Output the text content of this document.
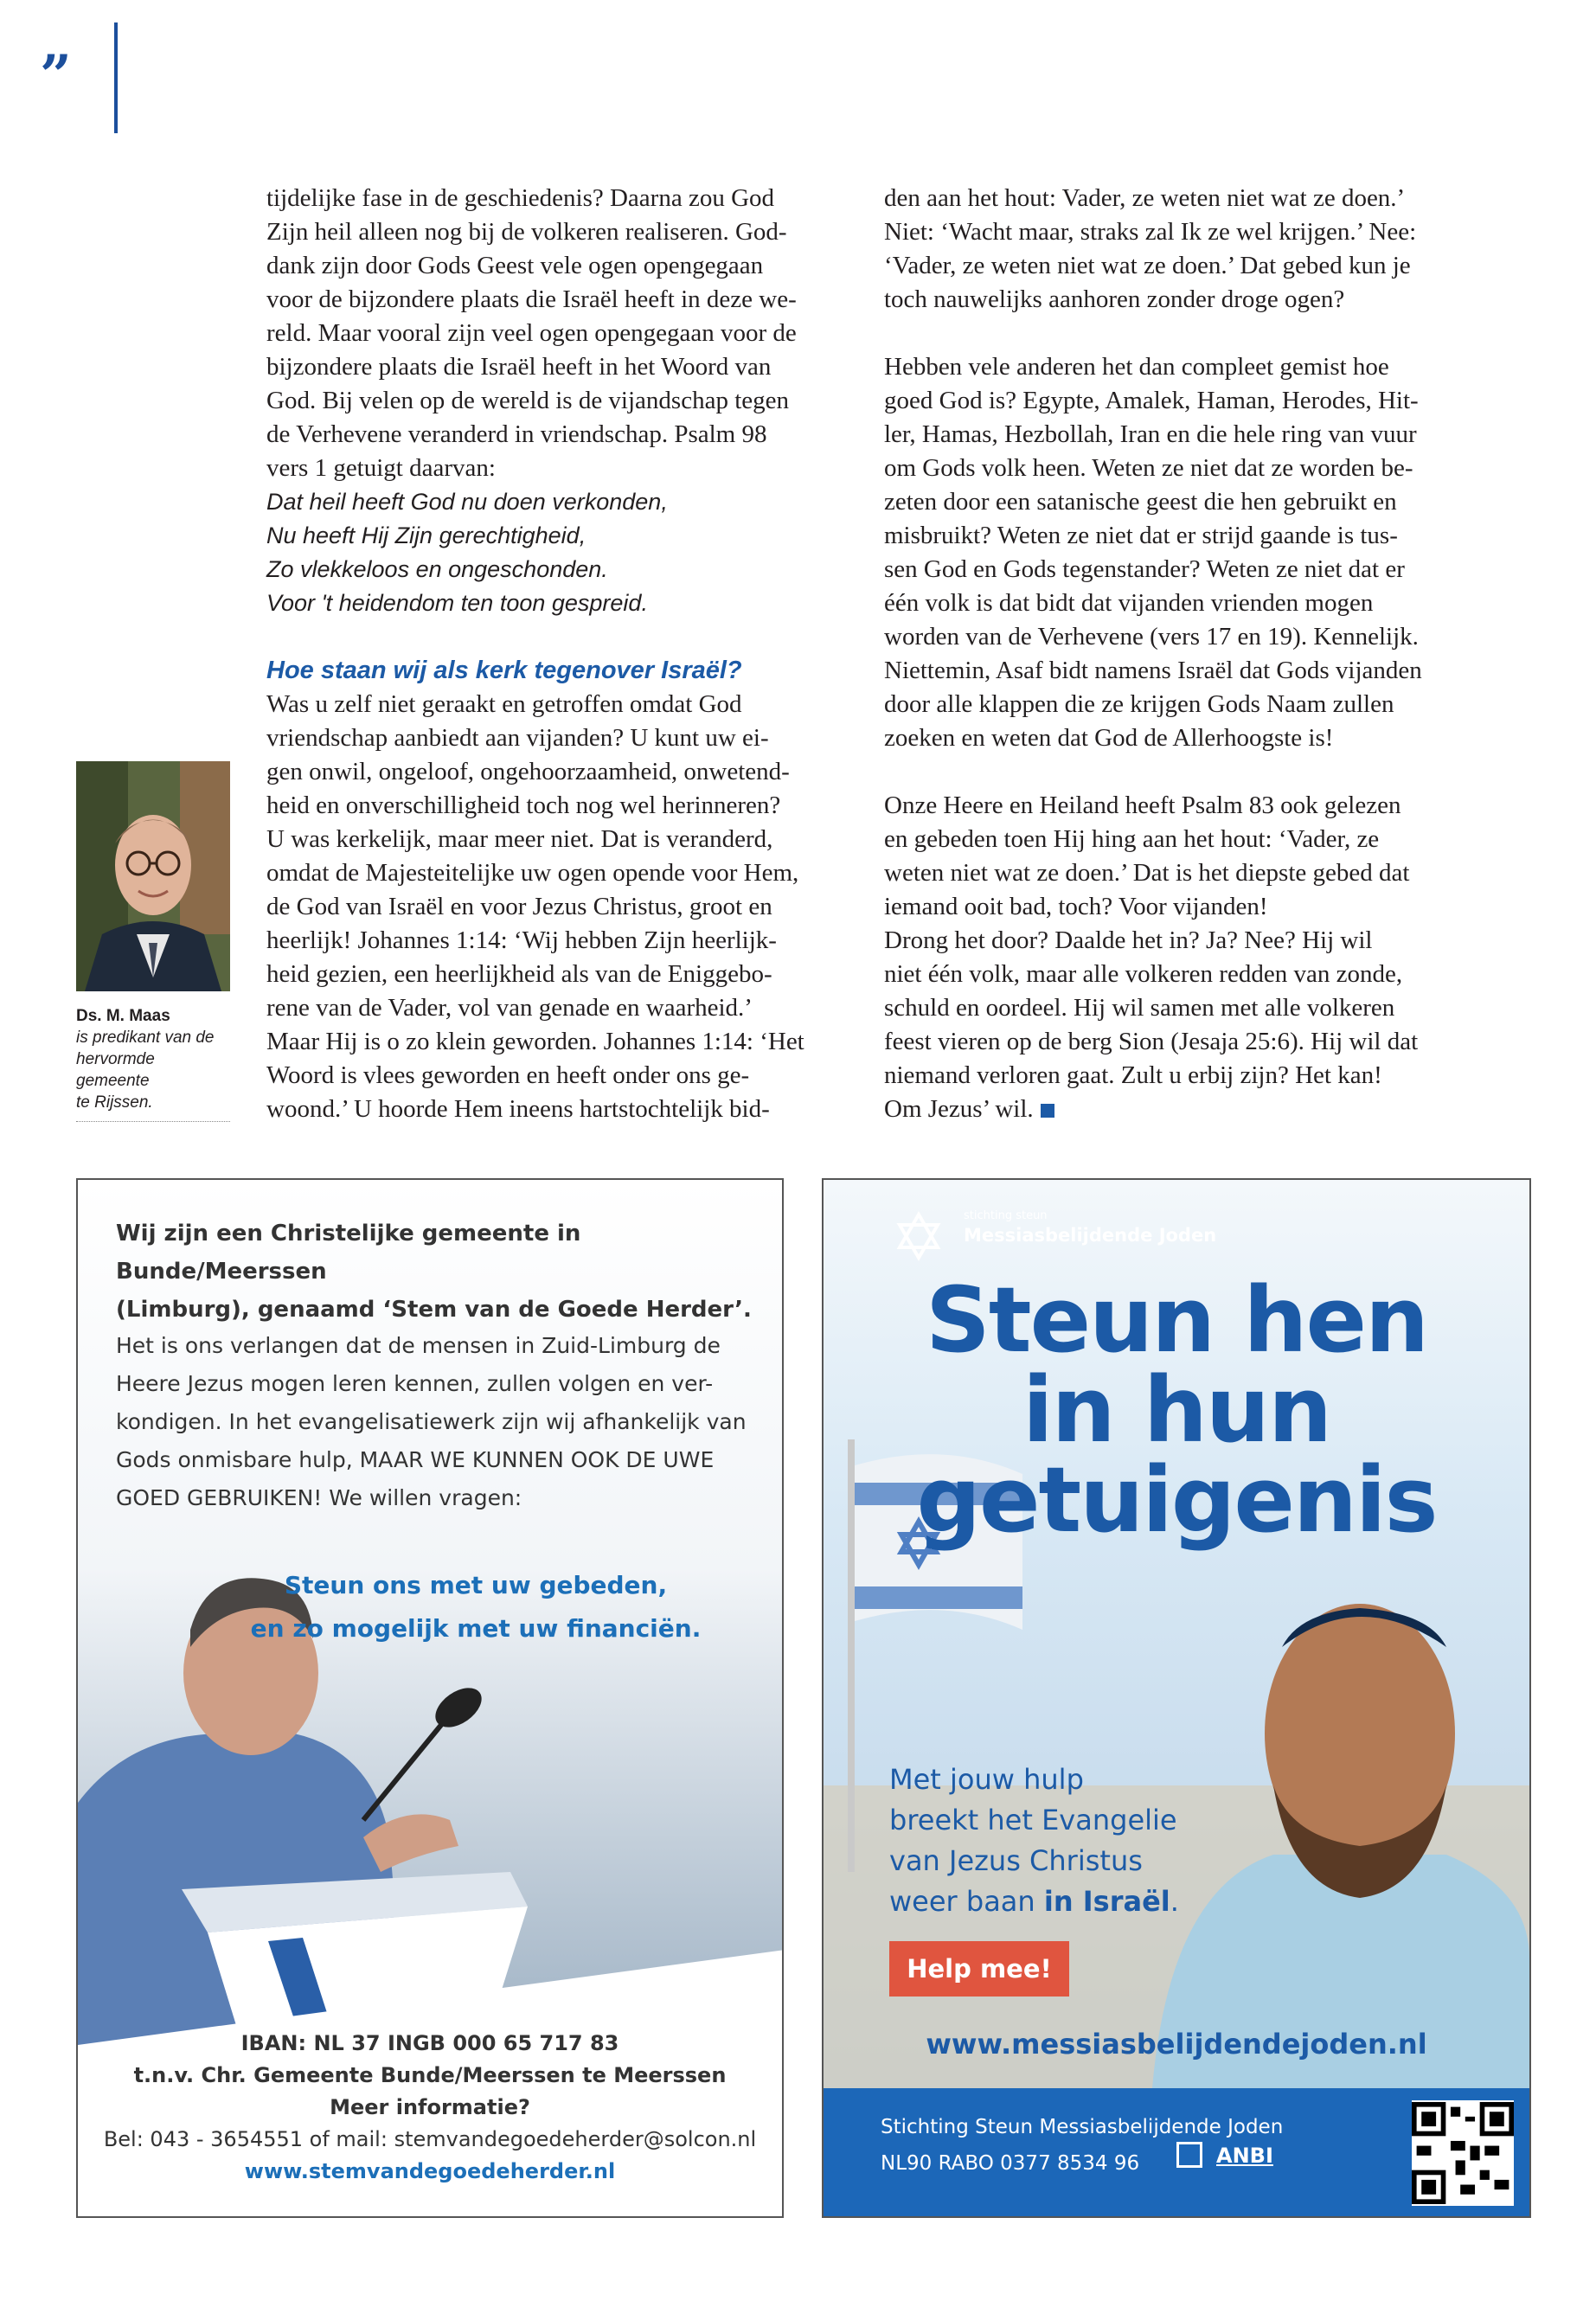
”

tijdelijke fase in de geschiedenis? Daarna zou God
Zijn heil alleen nog bij de volkeren realiseren. God-
dank zijn door Gods Geest vele ogen opengegaan
voor de bijzondere plaats die Israël heeft in deze we-
reld. Maar vooral zijn veel ogen opengegaan voor de
bijzondere plaats die Israël heeft in het Woord van
God. Bij velen op de wereld is de vijandschap tegen
de Verhevene veranderd in vriendschap. Psalm 98
vers 1 getuigt daarvan:

Dat heil heeft God nu doen verkonden,
Nu heeft Hij Zijn gerechtigheid,
Zo vlekkeloos en ongeschonden.
Voor 't heidendom ten toon gespreid.

Hoe staan wij als kerk tegenover Israël?

Was u zelf niet geraakt en getroffen omdat God
vriendschap aanbiedt aan vijanden? U kunt uw ei-
gen onwil, ongeloof, ongehoorzaamheid, onwetend-
heid en onverschilligheid toch nog wel herinneren?
U was kerkelijk, maar meer niet. Dat is veranderd,
omdat de Majesteitelijke uw ogen opende voor Hem,
de God van Israël en voor Jezus Christus, groot en
heerlijk! Johannes 1:14: ‘Wij hebben Zijn heerlijk-
heid gezien, een heerlijkheid als van de Eniggebo-
rene van de Vader, vol van genade en waarheid.’
Maar Hij is o zo klein geworden. Johannes 1:14: ‘Het
Woord is vlees geworden en heeft onder ons ge-
woond.’ U hoorde Hem ineens hartstochtelijk bid-

den aan het hout: Vader, ze weten niet wat ze doen.’
Niet: ‘Wacht maar, straks zal Ik ze wel krijgen.’ Nee:
‘Vader, ze weten niet wat ze doen.’ Dat gebed kun je
toch nauwelijks aanhoren zonder droge ogen?

Hebben vele anderen het dan compleet gemist hoe
goed God is? Egypte, Amalek, Haman, Herodes, Hit-
ler, Hamas, Hezbollah, Iran en die hele ring van vuur
om Gods volk heen. Weten ze niet dat ze worden be-
zeten door een satanische geest die hen gebruikt en
misbruikt? Weten ze niet dat er strijd gaande is tus-
sen God en Gods tegenstander? Weten ze niet dat er
één volk is dat bidt dat vijanden vrienden mogen
worden van de Verhevene (vers 17 en 19). Kennelijk.
Niettemin, Asaf bidt namens Israël dat Gods vijanden
door alle klappen die ze krijgen Gods Naam zullen
zoeken en weten dat God de Allerhoogste is!

Onze Heere en Heiland heeft Psalm 83 ook gelezen
en gebeden toen Hij hing aan het hout: ‘Vader, ze
weten niet wat ze doen.’ Dat is het diepste gebed dat
iemand ooit bad, toch? Voor vijanden!
Drong het door? Daalde het in? Ja? Nee? Hij wil
niet één volk, maar alle volkeren redden van zonde,
schuld en oordeel. Hij wil samen met alle volkeren
feest vieren op de berg Sion (Jesaja 25:6). Hij wil dat
niemand verloren gaat. Zult u erbij zijn? Het kan!
Om Jezus’ wil.

Ds. M. Maas
is predikant van de
hervormde gemeente
te Rijssen.
Wij zijn een Christelijke gemeente in Bunde/Meerssen
(Limburg), genaamd ‘Stem van de Goede Herder’.
Het is ons verlangen dat de mensen in Zuid-Limburg de
Heere Jezus mogen leren kennen, zullen volgen en ver-
kondigen. In het evangelisatiewerk zijn wij afhankelijk van
Gods onmisbare hulp, MAAR WE KUNNEN OOK DE UWE
GOED GEBRUIKEN! We willen vragen:
Steun ons met uw gebeden,
en zo mogelijk met uw financiën.
IBAN: NL 37 INGB 000 65 717 83
t.n.v. Chr. Gemeente Bunde/Meerssen te Meerssen
Meer informatie?
Bel: 043 - 3654551 of mail: stemvandegoedeherder@solcon.nl
www.stemvandegoedeherder.nl
stichting steun
Messiasbelijdende Joden
Steun hen
in hun
getuigenis
Met jouw hulp
breekt het Evangelie
van Jezus Christus
weer baan in Israël.
Help mee!
www.messiasbelijdendejoden.nl
Stichting Steun Messiasbelijdende Joden
NL90 RABO 0377 8534 96	ANBI
